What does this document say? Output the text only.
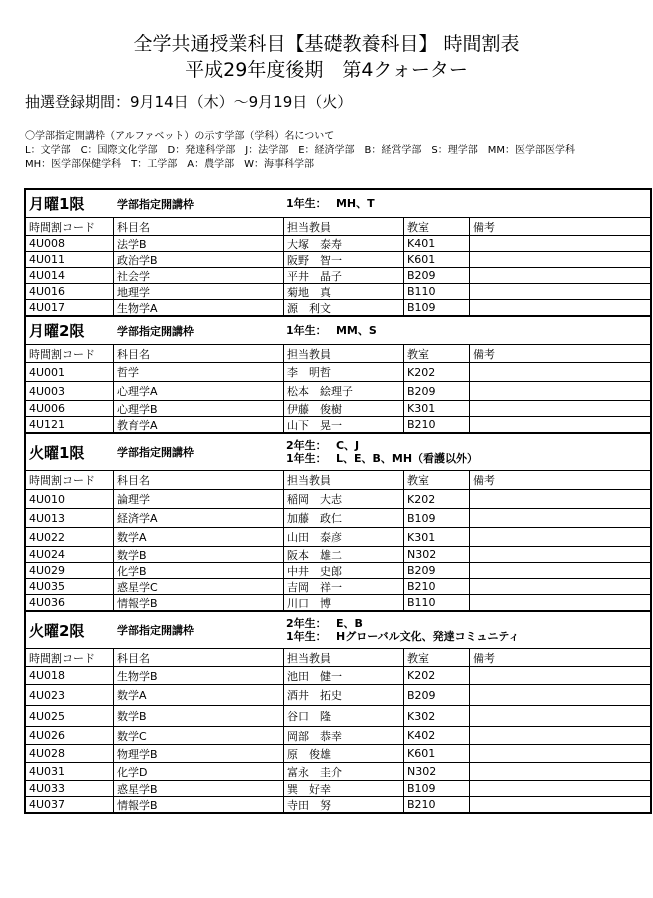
全学共通授業科目【基礎教養科目】 時間割表
平成29年度後期　第4クォーター
抽選登録期間：9月14日（木）～9月19日（火）
〇学部指定開講枠（アルファベット）の示す学部（学科）名について
L：文学部　C：国際文化学部　D：発達科学部　J：法学部　E：経済学部　B：経営学部　S：理学部　MM：医学部医学科
MH：医学部保健学科　T：工学部　A：農学部　W：海事科学部
月曜1限	学部指定開講枠	1年生：　 MH、T
時間割コード	科目名	担当教員	教室	備考
4U008	法学B	大塚　泰寿	K401
4U011	政治学B	阪野　智一	K601
4U014	社会学	平井　晶子	B209
4U016	地理学	菊地　真	B110
4U017	生物学A	源　利文	B109
月曜2限	学部指定開講枠	1年生：　 MM、S
時間割コード	科目名	担当教員	教室	備考
4U001	哲学	李　明哲	K202
4U003	心理学A	松本　絵理子	B209
4U006	心理学B	伊藤　俊樹	K301
4U121	教育学A	山下　晃一	B210
火曜1限	学部指定開講枠
2年生：　 C、J
1年生：　 L、E、B、MH（看護以外）
時間割コード	科目名	担当教員	教室	備考
4U010	論理学	稲岡　大志	K202
4U013	経済学A	加藤　政仁	B109
4U022	数学A	山田　泰彦	K301
4U024	数学B	阪本　雄二	N302
4U029	化学B	中井　史郎	B209
4U035	惑星学C	吉岡　祥一	B210
4U036	情報学B	川口　博	B110
火曜2限	学部指定開講枠
2年生：　 E、B
1年生：　 Hグローバル文化、発達コミュニティ
時間割コード	科目名	担当教員	教室	備考
4U018	生物学B	池田　健一	K202
4U023	数学A	酒井　拓史	B209
4U025	数学B	谷口　隆	K302
4U026	数学C	岡部　恭幸	K402
4U028	物理学B	原　俊雄	K601
4U031	化学D	富永　圭介	N302
4U033	惑星学B	巽　好幸	B109
4U037	情報学B	寺田　努	B210
